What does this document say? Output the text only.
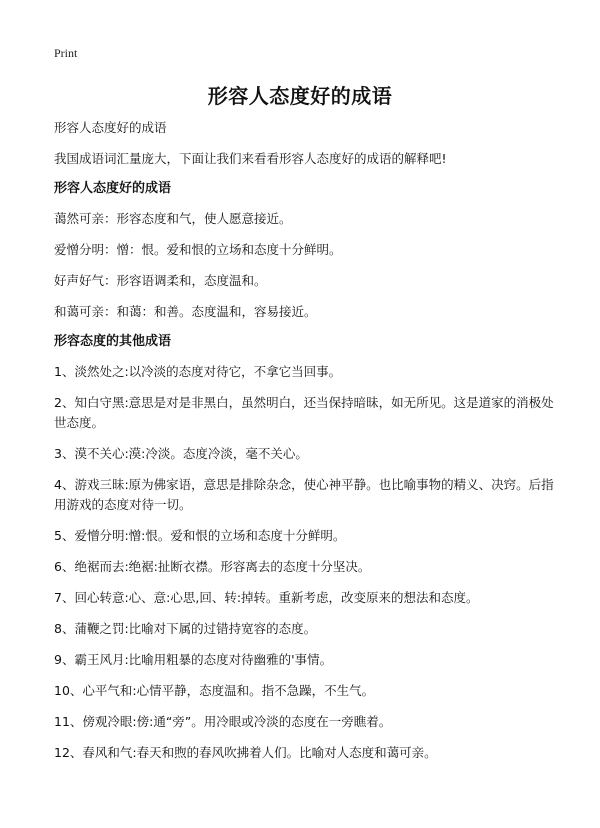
Print
形容人态度好的成语

形容人态度好的成语

我国成语词汇量庞大，下面让我们来看看形容人态度好的成语的解释吧!

形容人态度好的成语

蔼然可亲：形容态度和气，使人愿意接近。

爱憎分明：憎：恨。爱和恨的立场和态度十分鲜明。

好声好气：形容语调柔和，态度温和。

和蔼可亲：和蔼：和善。态度温和，容易接近。

形容态度的其他成语

1、淡然处之:以冷淡的态度对待它，不拿它当回事。

2、知白守黑:意思是对是非黑白，虽然明白，还当保持暗昧，如无所见。这是道家的消极处世态度。

3、漠不关心:漠:冷淡。态度冷淡，毫不关心。

4、游戏三昧:原为佛家语，意思是排除杂念，使心神平静。也比喻事物的精义、决窍。后指用游戏的态度对待一切。

5、爱憎分明:憎:恨。爱和恨的立场和态度十分鲜明。

6、绝裾而去:绝裾:扯断衣襟。形容离去的态度十分坚决。

7、回心转意:心、意:心思,回、转:掉转。重新考虑，改变原来的想法和态度。

8、蒲鞭之罚:比喻对下属的过错持宽容的态度。

9、霸王风月:比喻用粗暴的态度对待幽雅的'事情。

10、心平气和:心情平静，态度温和。指不急躁，不生气。

11、傍观冷眼:傍:通“旁”。用冷眼或冷淡的态度在一旁瞧着。

12、春风和气:春天和煦的春风吹拂着人们。比喻对人态度和蔼可亲。
